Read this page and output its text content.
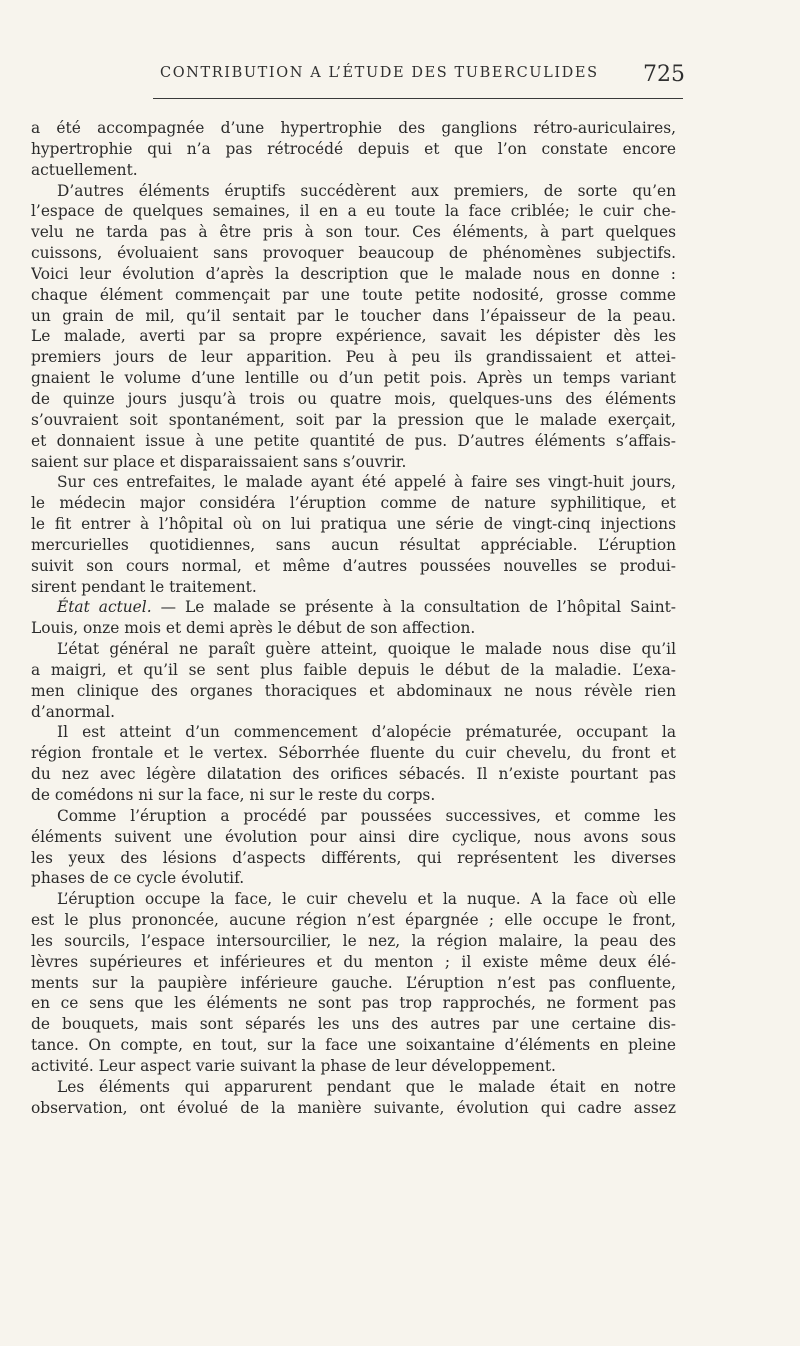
CONTRIBUTION A L’ÉTUDE DES TUBERCULIDES 725
a été accompagnée d’une hypertrophie des ganglions rétro-auriculaires,
hypertrophie qui n’a pas rétrocédé depuis et que l’on constate encore
actuellement.
D’autres éléments éruptifs succédèrent aux premiers, de sorte qu’en
l’espace de quelques semaines, il en a eu toute la face criblée; le cuir che-
velu ne tarda pas à être pris à son tour. Ces éléments, à part quelques
cuissons, évoluaient sans provoquer beaucoup de phénomènes subjectifs.
Voici leur évolution d’après la description que le malade nous en donne :
chaque élément commençait par une toute petite nodosité, grosse comme
un grain de mil, qu’il sentait par le toucher dans l’épaisseur de la peau.
Le malade, averti par sa propre expérience, savait les dépister dès les
premiers jours de leur apparition. Peu à peu ils grandissaient et attei-
gnaient le volume d’une lentille ou d’un petit pois. Après un temps variant
de quinze jours jusqu’à trois ou quatre mois, quelques-uns des éléments
s’ouvraient soit spontanément, soit par la pression que le malade exerçait,
et donnaient issue à une petite quantité de pus. D’autres éléments s’affais-
saient sur place et disparaissaient sans s’ouvrir.
Sur ces entrefaites, le malade ayant été appelé à faire ses vingt-huit jours,
le médecin major considéra l’éruption comme de nature syphilitique, et
le fit entrer à l’hôpital où on lui pratiqua une série de vingt-cinq injections
mercurielles quotidiennes, sans aucun résultat appréciable. L’éruption
suivit son cours normal, et même d’autres poussées nouvelles se produi-
sirent pendant le traitement.
État actuel. — Le malade se présente à la consultation de l’hôpital Saint-
Louis, onze mois et demi après le début de son affection.
L’état général ne paraît guère atteint, quoique le malade nous dise qu’il
a maigri, et qu’il se sent plus faible depuis le début de la maladie. L’exa-
men clinique des organes thoraciques et abdominaux ne nous révèle rien
d’anormal.
Il est atteint d’un commencement d’alopécie prématurée, occupant la
région frontale et le vertex. Séborrhée fluente du cuir chevelu, du front et
du nez avec légère dilatation des orifices sébacés. Il n’existe pourtant pas
de comédons ni sur la face, ni sur le reste du corps.
Comme l’éruption a procédé par poussées successives, et comme les
éléments suivent une évolution pour ainsi dire cyclique, nous avons sous
les yeux des lésions d’aspects différents, qui représentent les diverses
phases de ce cycle évolutif.
L’éruption occupe la face, le cuir chevelu et la nuque. A la face où elle
est le plus prononcée, aucune région n’est épargnée ; elle occupe le front,
les sourcils, l’espace intersourcilier, le nez, la région malaire, la peau des
lèvres supérieures et inférieures et du menton ; il existe même deux élé-
ments sur la paupière inférieure gauche. L’éruption n’est pas confluente,
en ce sens que les éléments ne sont pas trop rapprochés, ne forment pas
de bouquets, mais sont séparés les uns des autres par une certaine dis-
tance. On compte, en tout, sur la face une soixantaine d’éléments en pleine
activité. Leur aspect varie suivant la phase de leur développement.
Les éléments qui apparurent pendant que le malade était en notre
observation, ont évolué de la manière suivante, évolution qui cadre assez
